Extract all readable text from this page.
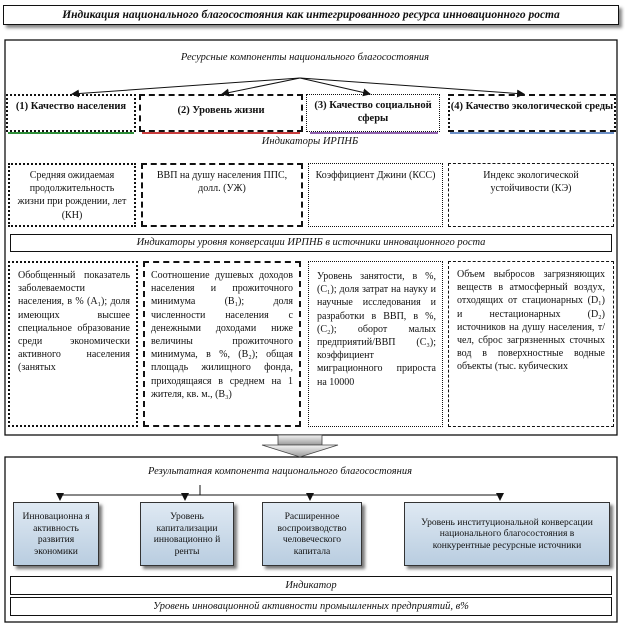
Индикация национального благосостояния как интегрированного ресурса инновационного роста
Ресурсные компоненты национального благосостояния
(1) Качество населения	(2) Уровень жизни	(3) Качество социальной сферы
(4) Качество экологической среды
Индикаторы ИРПНБ
Средняя ожидаемая продолжительность жизни при рождении, лет (КН)
ВВП на душу населения ППС, долл. (УЖ)
Коэффициент Джини (КСС)	Индекс экологической устойчивости (КЭ)
Индикаторы уровня конверсации ИРПНБ в источники инновационного роста
Обобщенный показатель заболеваемости населения, в % (A₁); доля имеющих высшее специальное образование среди экономически активного населения (занятых
Соотношение душевых доходов населения и прожиточного минимума (B₁); доля численности населения с денежными доходами ниже величины прожиточного минимума, в %, (B₂); общая площадь жилищного фонда, приходящаяся в среднем на 1 жителя, кв. м., (B₃)
Уровень занятости, в %, (C₁); доля затрат на науку и научные исследования и разработки в ВВП, в %, (C₂); оборот малых предприятий/ВВП (C₃); коэффициент миграционного прироста на 10000
Объем выбросов загрязняющих веществ в атмосферный воздух, отходящих от стационарных (D₁) и нестационарных (D₂) источников на душу населения, т/чел, сброс загрязненных сточных вод в поверхностные водные объекты (тыс. кубических
Результатная компонента национального благосостояния
Инновационна я активность развития экономики
Уровень капитализации инновационно й ренты
Расширенное воспроизводство человеческого капитала
Уровень институциональной конверсации национального благосостояния в конкурентные ресурсные источники
Индикатор
Уровень инновационной активности промышленных предприятий, в%
